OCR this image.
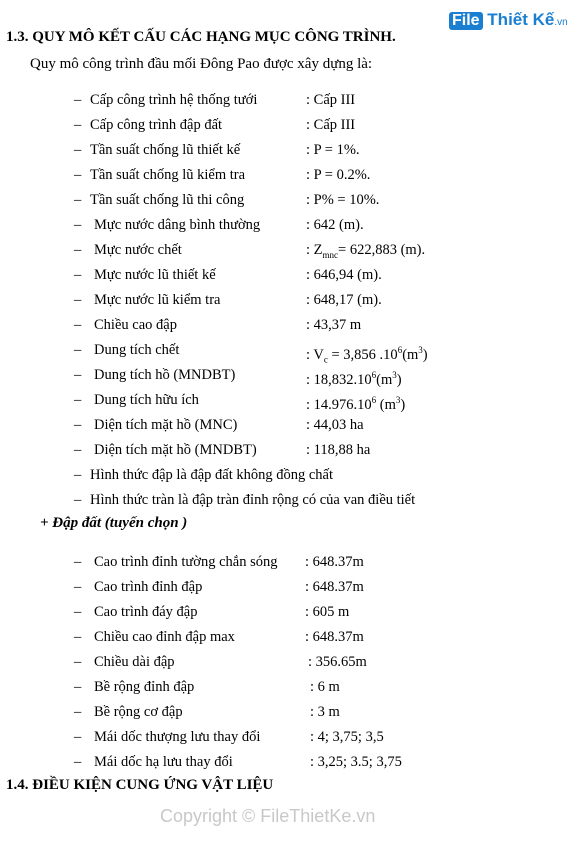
File Thiết Kế.vn
1.3. QUY MÔ KẾT CẤU CÁC HẠNG MỤC CÔNG TRÌNH.
Quy mô công trình đầu mối Đông Pao được xây dựng là:
– Cấp công trình hệ thống tưới	: Cấp III
– Cấp công trình đập đất	: Cấp III
– Tần suất chống lũ thiết kế	: P = 1%.
– Tần suất chống lũ kiểm tra	: P = 0.2%.
– Tần suất chống lũ thi công	: P% = 10%.
– Mực nước dâng bình thường	: 642 (m).
– Mực nước chết	: $Z_{mnc}= 622,883$ (m).
– Mực nước lũ thiết kế	: 646,94 (m).
– Mực nước lũ kiểm tra	: 648,17 (m).
– Chiều cao đập	: 43,37 m
– Dung tích chết	: $V_c = 3,856$ $.10^6(m^3)$
– Dung tích hồ (MNDBT)	: $18,832.10^6(m^3)$
– Dung tích hữu ích	: 14.976.10$^6$ $(m^3)$
– Diện tích mặt hồ (MNC)	: 44,03 ha
– Diện tích mặt hồ (MNDBT)	: 118,88 ha
– Hình thức đập là đập đất không đồng chất
– Hình thức tràn là đập tràn đỉnh rộng có của van điều tiết
+ Đập đất (tuyến chọn )
– Cao trình đỉnh tường chắn sóng : 648.37m
– Cao trình đỉnh đập	: 648.37m
– Cao trình đáy đập	: 605 m
– Chiều cao đỉnh đập max	: 648.37m
– Chiều dài đập	: 356.65m
– Bề rộng đỉnh đập	: 6 m
– Bề rộng cơ đập	: 3 m
– Mái dốc thượng lưu thay đổi	: 4; 3,75; 3,5
– Mái dốc hạ lưu thay đổi	: 3,25; 3.5; 3,75
1.4. ĐIỀU KIỆN CUNG ỨNG VẬT LIỆU
Copyright © FileThietKe.vn
